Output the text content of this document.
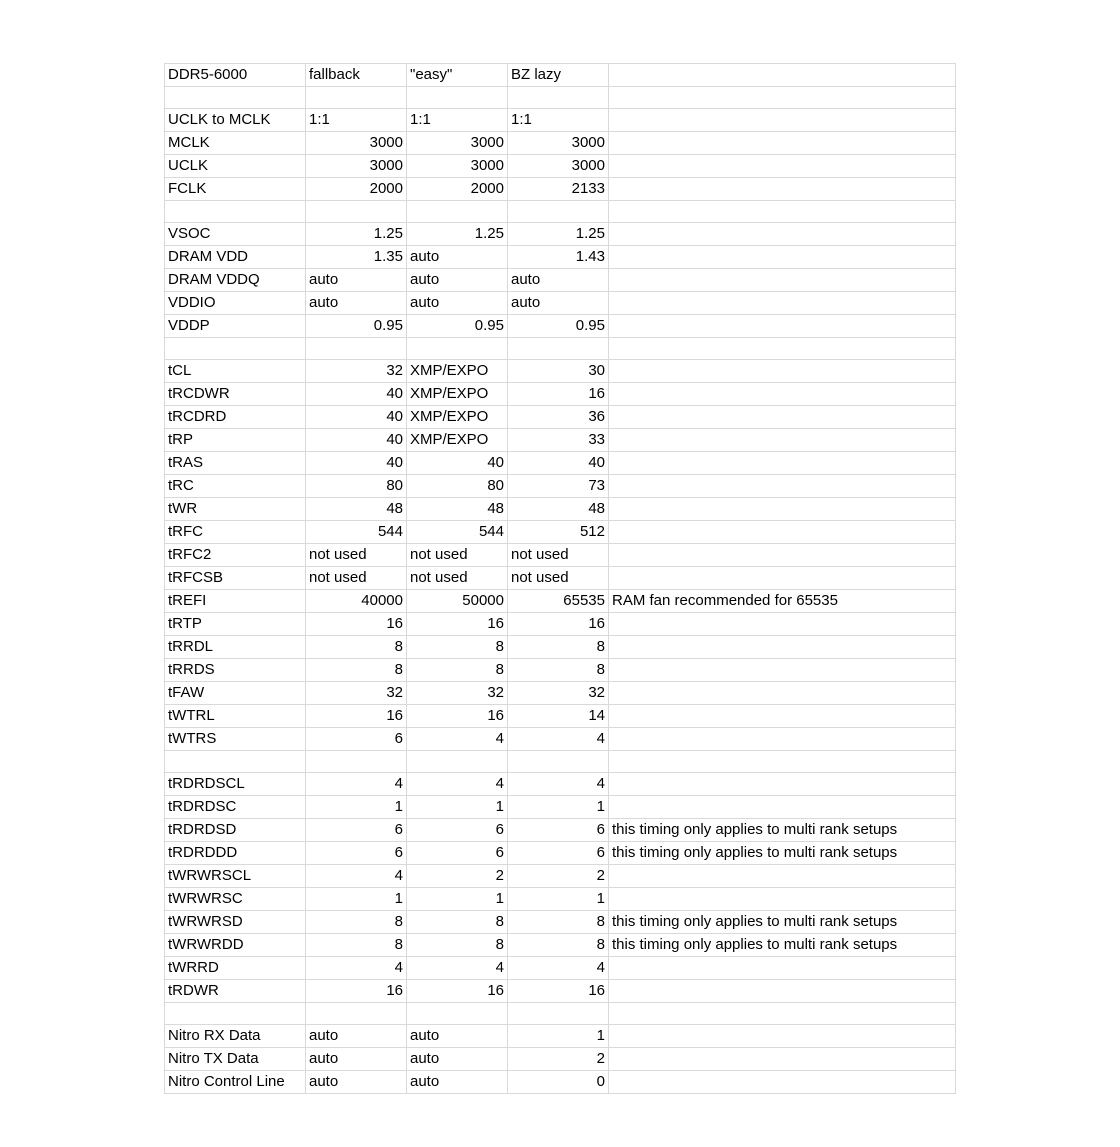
DDR5-6000	fallback	"easy"	BZ lazy	

UCLK to MCLK	1:1	1:1	1:1	
MCLK	3000	3000	3000	
UCLK	3000	3000	3000	
FCLK	2000	2000	2133	

VSOC	1.25	1.25	1.25	
DRAM VDD	1.35	auto	1.43	
DRAM VDDQ	auto	auto	auto	
VDDIO	auto	auto	auto	
VDDP	0.95	0.95	0.95	

tCL	32	XMP/EXPO	30	
tRCDWR	40	XMP/EXPO	16	
tRCDRD	40	XMP/EXPO	36	
tRP	40	XMP/EXPO	33	
tRAS	40	40	40	
tRC	80	80	73	
tWR	48	48	48	
tRFC	544	544	512	
tRFC2	not used	not used	not used	
tRFCSB	not used	not used	not used	
tREFI	40000	50000	65535	RAM fan recommended for 65535
tRTP	16	16	16	
tRRDL	8	8	8	
tRRDS	8	8	8	
tFAW	32	32	32	
tWTRL	16	16	14	
tWTRS	6	4	4	

tRDRDSCL	4	4	4	
tRDRDSC	1	1	1	
tRDRDSD	6	6	6	this timing only applies to multi rank setups
tRDRDDD	6	6	6	this timing only applies to multi rank setups
tWRWRSCL	4	2	2	
tWRWRSC	1	1	1	
tWRWRSD	8	8	8	this timing only applies to multi rank setups
tWRWRDD	8	8	8	this timing only applies to multi rank setups
tWRRD	4	4	4	
tRDWR	16	16	16	

Nitro RX Data	auto	auto	1	
Nitro TX Data	auto	auto	2	
Nitro Control Line	auto	auto	0	
